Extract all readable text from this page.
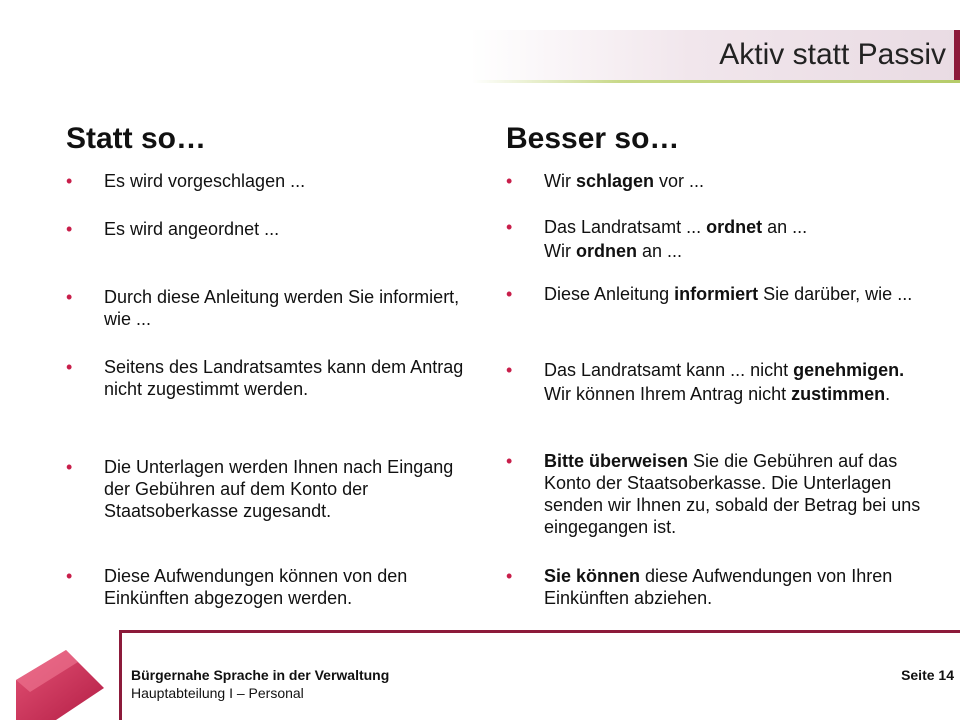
Aktiv statt Passiv
Statt so…	Besser so…
• Es wird vorgeschlagen ...
• Es wird angeordnet ...
• Durch diese Anleitung werden Sie informiert, wie ...
• Seitens des Landratsamtes kann dem Antrag nicht zugestimmt werden.
• Die Unterlagen werden Ihnen nach Eingang der Gebühren auf dem Konto der Staatsoberkasse zugesandt.
• Diese Aufwendungen können von den Einkünften abgezogen werden.
• Wir schlagen vor ...
• Das Landratsamt ... ordnet an ...
Wir ordnen an ...
• Diese Anleitung informiert Sie darüber, wie ...
• Das Landratsamt kann ... nicht genehmigen. Wir können Ihrem Antrag nicht zustimmen.
• Bitte überweisen Sie die Gebühren auf das Konto der Staatsoberkasse. Die Unterlagen senden wir Ihnen zu, sobald der Betrag bei uns eingegangen ist.
• Sie können diese Aufwendungen von Ihren Einkünften abziehen.
Bürgernahe Sprache in der Verwaltung
Hauptabteilung I – Personal
Seite 14
M
